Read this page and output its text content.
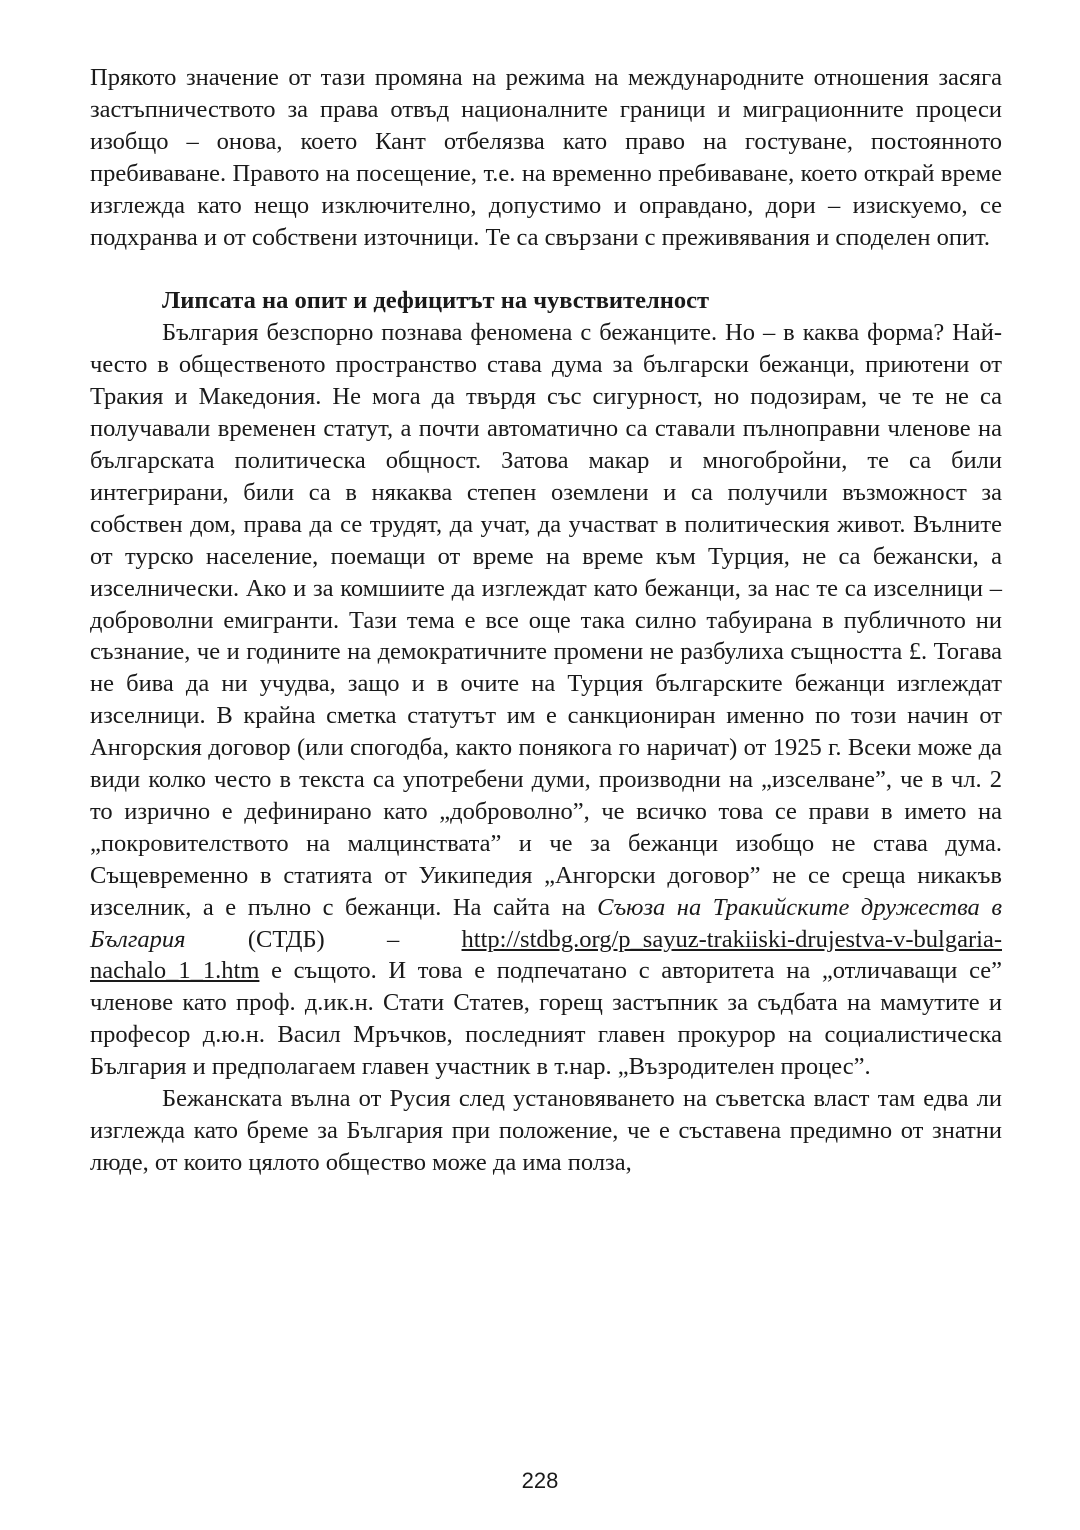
Прякото значение от тази промяна на режима на международните отношения засяга застъпничеството за права отвъд националните граници и миграционните процеси изобщо – онова, което Кант отбелязва като право на гостуване, постоянното пребиваване. Правото на посещение, т.е. на временно пребиваване, което открай време изглежда като нещо изключително, допустимо и оправдано, дори – изискуемо, се подхранва и от собствени източници. Те са свързани с преживявания и споделен опит.

Липсата на опит и дефицитът на чувствителност

България безспорно познава феномена с бежанците. Но – в каква форма? Най-често в общественото пространство става дума за български бежанци, приютени от Тракия и Македония. Не мога да твърдя със сигурност, но подозирам, че те не са получавали временен статут, а почти автоматично са ставали пълноправни членове на българската политическа общност. Затова макар и многобройни, те са били интегрирани, били са в някаква степен оземлени и са получили възможност за собствен дом, права да се трудят, да учат, да участват в политическия живот. Вълните от турско население, поемащи от време на време към Турция, не са бежански, а изселнически. Ако и за комшиите да изглеждат като бежанци, за нас те са изселници – доброволни емигранти. Тази тема е все още така силно табуирана в публичното ни съзнание, че и годините на демократичните промени не разбулиха същността £. Тогава не бива да ни учудва, защо и в очите на Турция българските бежанци изглеждат изселници. В крайна сметка статутът им е санкциониран именно по този начин от Ангорския договор (или спогодба, както понякога го наричат) от 1925 г. Всеки може да види колко често в текста са употребени думи, производни на „изселване”, че в чл. 2 то изрично е дефинирано като „доброволно”, че всичко това се прави в името на „покровителството на малцинствата” и че за бежанци изобщо не става дума. Същевременно в статията от Уикипедия „Ангорски договор” не се среща никакъв изселник, а е пълно с бежанци. На сайта на Съюза на Тракийските дружества в България (СТДБ) – http://stdbg.org/p_sayuz-trakiiski-drujestva-v-bulgaria-nachalo_1_1.htm е същото. И това е подпечатано с авторитета на „отличаващи се” членове като проф. д.ик.н. Стати Статев, горещ застъпник за съдбата на мамутите и професор д.ю.н. Васил Мръчков, последният главен прокурор на социалистическа България и предполагаем главен участник в т.нар. „Възродителен процес”.

Бежанската вълна от Русия след установяването на съветска власт там едва ли изглежда като бреме за България при положение, че е съставена предимно от знатни люде, от които цялото общество може да има полза,

228
